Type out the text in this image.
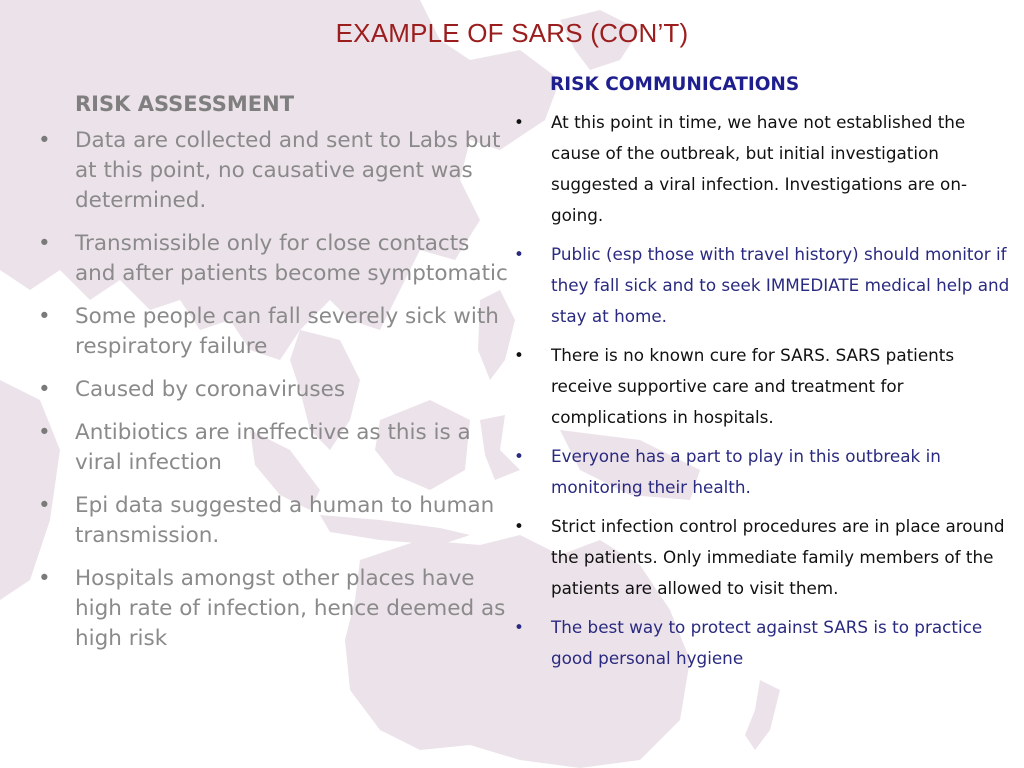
EXAMPLE OF SARS (CON’T)
RISK ASSESSMENT
• Data are collected and sent to Labs but at this point, no causative agent was determined.
• Transmissible only for close contacts and after patients become symptomatic
• Some people can fall severely sick with respiratory failure
• Caused by coronaviruses
• Antibiotics are ineffective as this is a viral infection
• Epi data suggested a human to human transmission.
• Hospitals amongst other places have high rate of infection, hence deemed as high risk
RISK COMMUNICATIONS
• At this point in time, we have not established the cause of the outbreak, but initial investigation suggested a viral infection. Investigations are on-going.
• Public (esp those with travel history) should monitor if they fall sick and to seek IMMEDIATE medical help and stay at home.
• There is no known cure for SARS. SARS patients receive supportive care and treatment for complications in hospitals.
• Everyone has a part to play in this outbreak in monitoring their health.
• Strict infection control procedures are in place around the patients. Only immediate family members of the patients are allowed to visit them.
• The best way to protect against SARS is to practice good personal hygiene
